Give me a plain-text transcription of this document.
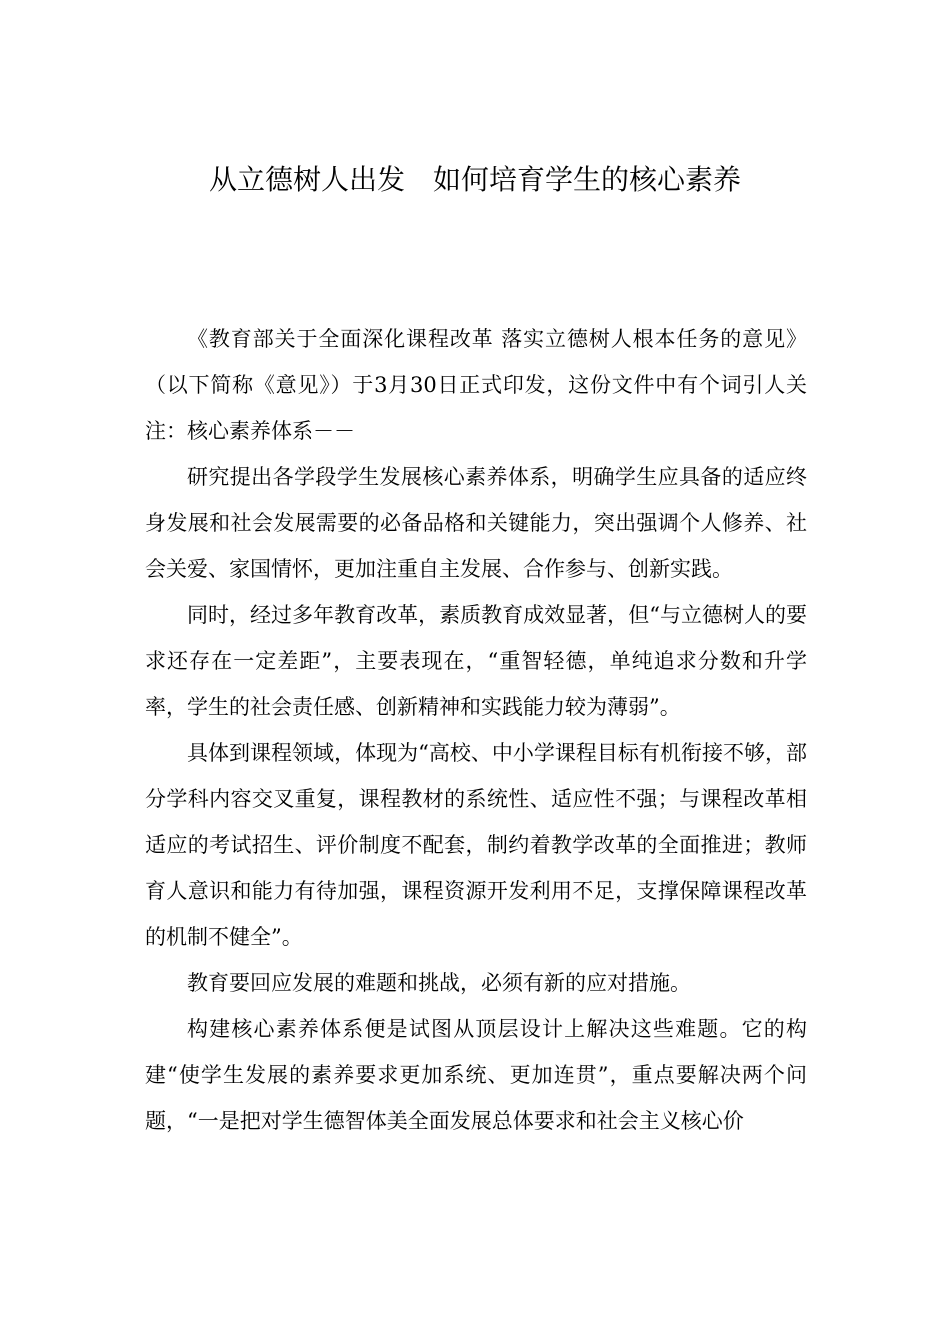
从立德树人出发　如何培育学生的核心素养

《教育部关于全面深化课程改革 落实立德树人根本任务的意见》（以下简称《意见》）于3月30日正式印发，这份文件中有个词引人关注：核心素养体系－－

研究提出各学段学生发展核心素养体系，明确学生应具备的适应终身发展和社会发展需要的必备品格和关键能力，突出强调个人修养、社会关爱、家国情怀，更加注重自主发展、合作参与、创新实践。

同时，经过多年教育改革，素质教育成效显著，但“与立德树人的要求还存在一定差距”，主要表现在，“重智轻德，单纯追求分数和升学率，学生的社会责任感、创新精神和实践能力较为薄弱”。

具体到课程领域，体现为“高校、中小学课程目标有机衔接不够，部分学科内容交叉重复，课程教材的系统性、适应性不强；与课程改革相适应的考试招生、评价制度不配套，制约着教学改革的全面推进；教师育人意识和能力有待加强，课程资源开发利用不足，支撑保障课程改革的机制不健全”。

教育要回应发展的难题和挑战，必须有新的应对措施。

构建核心素养体系便是试图从顶层设计上解决这些难题。它的构建“使学生发展的素养要求更加系统、更加连贯”，重点要解决两个问题，“一是把对学生德智体美全面发展总体要求和社会主义核心价
